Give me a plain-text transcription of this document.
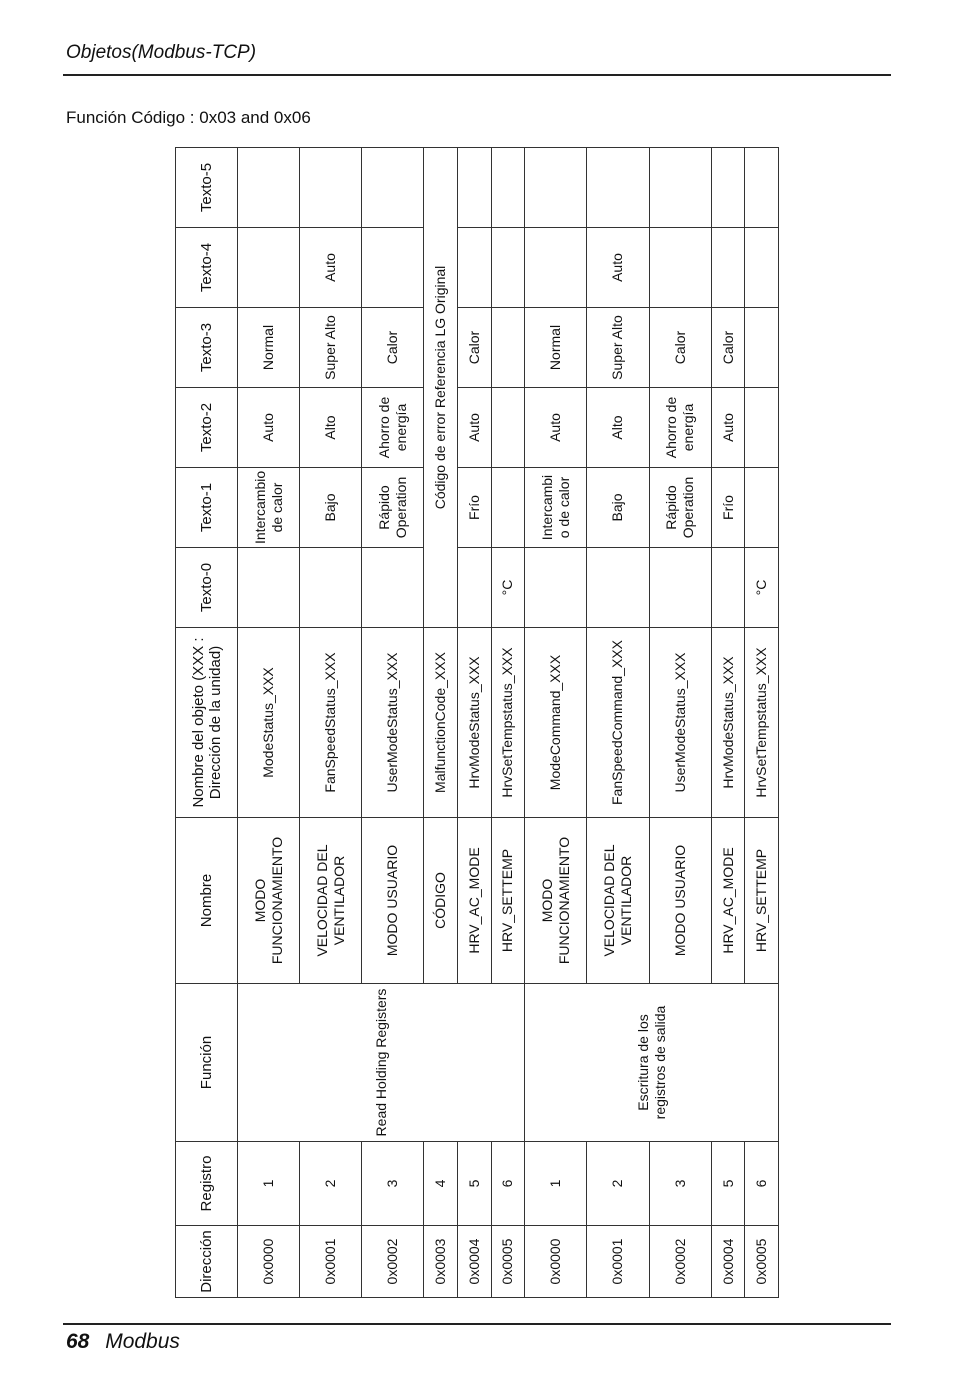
Objetos(Modbus-TCP)
Función Código : 0x03 and 0x06
Dirección	Registro	Función	Nombre	Nombre del objeto (XXX : Dirección de la unidad)	Texto-0	Texto-1	Texto-2	Texto-3	Texto-4	Texto-5
0x0000	1	Read Holding Registers	MODO FUNCIONAMIENTO	ModeStatus_XXX		Intercambio de calor	Auto	Normal		
0x0001	2		VELOCIDAD DEL VENTILADOR	FanSpeedStatus_XXX		Bajo	Alto	Super Alto	Auto	
0x0002	3		MODO USUARIO	UserModeStatus_XXX		Rápido Operation	Ahorro de energía	Calor		
0x0003	4		CÓDIGO	MalfunctionCode_XXX	Código de error Referencia LG Original					
0x0004	5		HRV_AC_MODE	HrvModeStatus_XXX		Frío	Auto	Calor		
0x0005	6		HRV_SETTEMP	HrvSetTempstatus_XXX	°C					
0x0000	1	Escritura de los registros de salida	MODO FUNCIONAMIENTO	ModeCommand_XXX		Intercambi o de calor	Auto	Normal		
0x0001	2		VELOCIDAD DEL VENTILADOR	FanSpeedCommand_XXX		Bajo	Alto	Super Alto	Auto	
0x0002	3		MODO USUARIO	UserModeStatus_XXX		Rápido Operation	Ahorro de energía	Calor		
0x0004	5		HRV_AC_MODE	HrvModeStatus_XXX		Frío	Auto	Calor		
0x0005	6		HRV_SETTEMP	HrvSetTempstatus_XXX	°C					
68 Modbus
